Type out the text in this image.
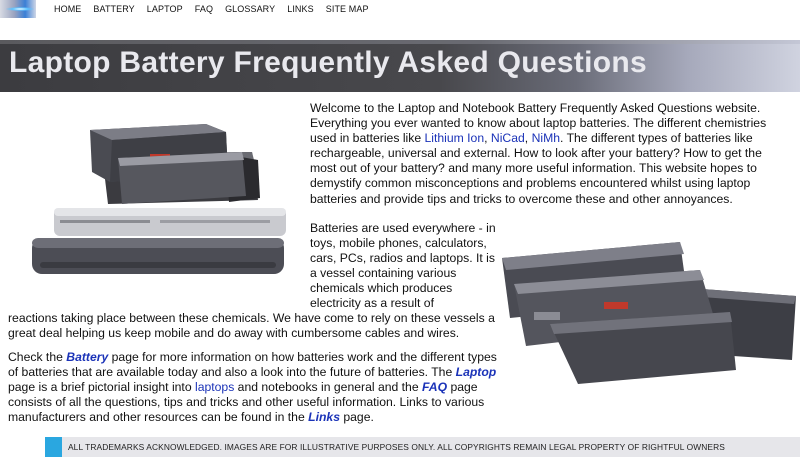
HOME BATTERY LAPTOP FAQ GLOSSARY LINKS SITE MAP
Laptop Battery Frequently Asked Questions

Welcome to the Laptop and Notebook Battery Frequently Asked Questions website. Everything you ever wanted to know about laptop batteries. The different chemistries used in batteries like Lithium Ion, NiCad, NiMh. The different types of batteries like rechargeable, universal and external. How to look after your battery? How to get the most out of your battery? and many more useful information. This website hopes to demystify common misconceptions and problems encountered whilst using laptop batteries and provide tips and tricks to overcome these and other annoyances.

Batteries are used everywhere - in toys, mobile phones, calculators, cars, PCs, radios and laptops. It is a vessel containing various chemicals which produces electricity as a result of

reactions taking place between these chemicals. We have come to rely on these vessels a great deal helping us keep mobile and do away with cumbersome cables and wires.

Check the Battery page for more information on how batteries work and the different types of batteries that are available today and also a look into the future of batteries. The Laptop page is a brief pictorial insight into laptops and notebooks in general and the FAQ page consists of all the questions, tips and tricks and other useful information. Links to various manufacturers and other resources can be found in the Links page.

ALL TRADEMARKS ACKNOWLEDGED. IMAGES ARE FOR ILLUSTRATIVE PURPOSES ONLY. ALL COPYRIGHTS REMAIN LEGAL PROPERTY OF RIGHTFUL OWNERS
